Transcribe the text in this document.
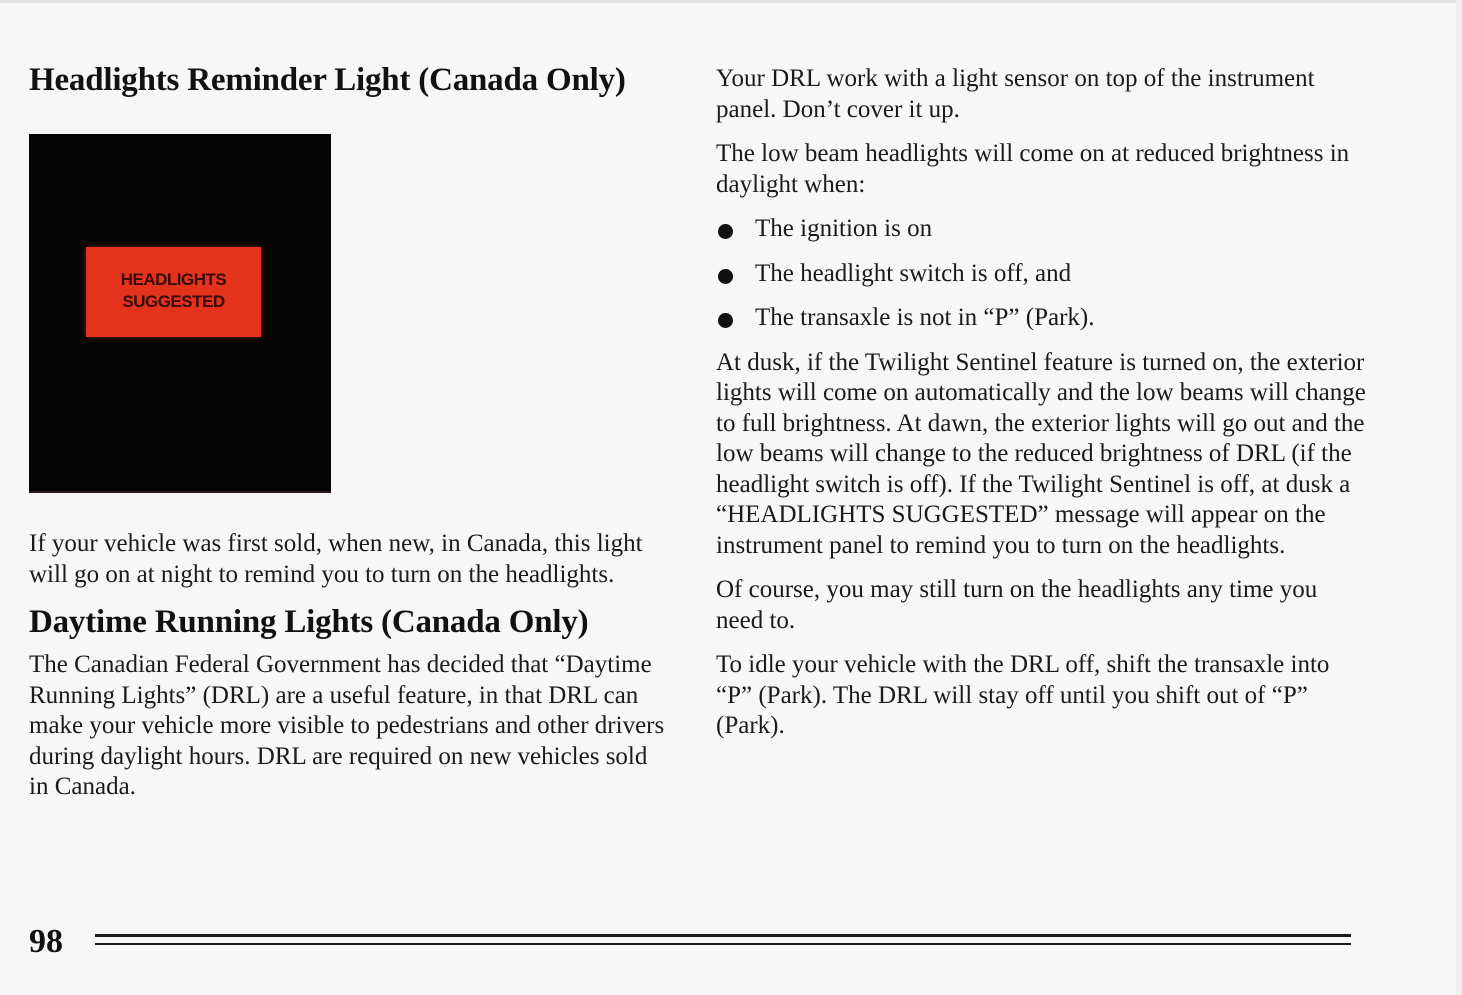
Headlights Reminder Light (Canada Only)
HEADLIGHTS
SUGGESTED

If your vehicle was first sold, when new, in Canada, this light will go on at night to remind you to turn on the headlights.

Daytime Running Lights (Canada Only)

The Canadian Federal Government has decided that “Daytime Running Lights” (DRL) are a useful feature, in that DRL can make your vehicle more visible to pedestrians and other drivers during daylight hours. DRL are required on new vehicles sold in Canada.

Your DRL work with a light sensor on top of the instrument panel. Don’t cover it up.

The low beam headlights will come on at reduced brightness in daylight when:

The ignition is on
The headlight switch is off, and
The transaxle is not in “P” (Park).

At dusk, if the Twilight Sentinel feature is turned on, the exterior lights will come on automatically and the low beams will change to full brightness. At dawn, the exterior lights will go out and the low beams will change to the reduced brightness of DRL (if the headlight switch is off). If the Twilight Sentinel is off, at dusk a “HEADLIGHTS SUGGESTED” message will appear on the instrument panel to remind you to turn on the headlights.

Of course, you may still turn on the headlights any time you need to.

To idle your vehicle with the DRL off, shift the transaxle into “P” (Park). The DRL will stay off until you shift out of “P” (Park).

98
